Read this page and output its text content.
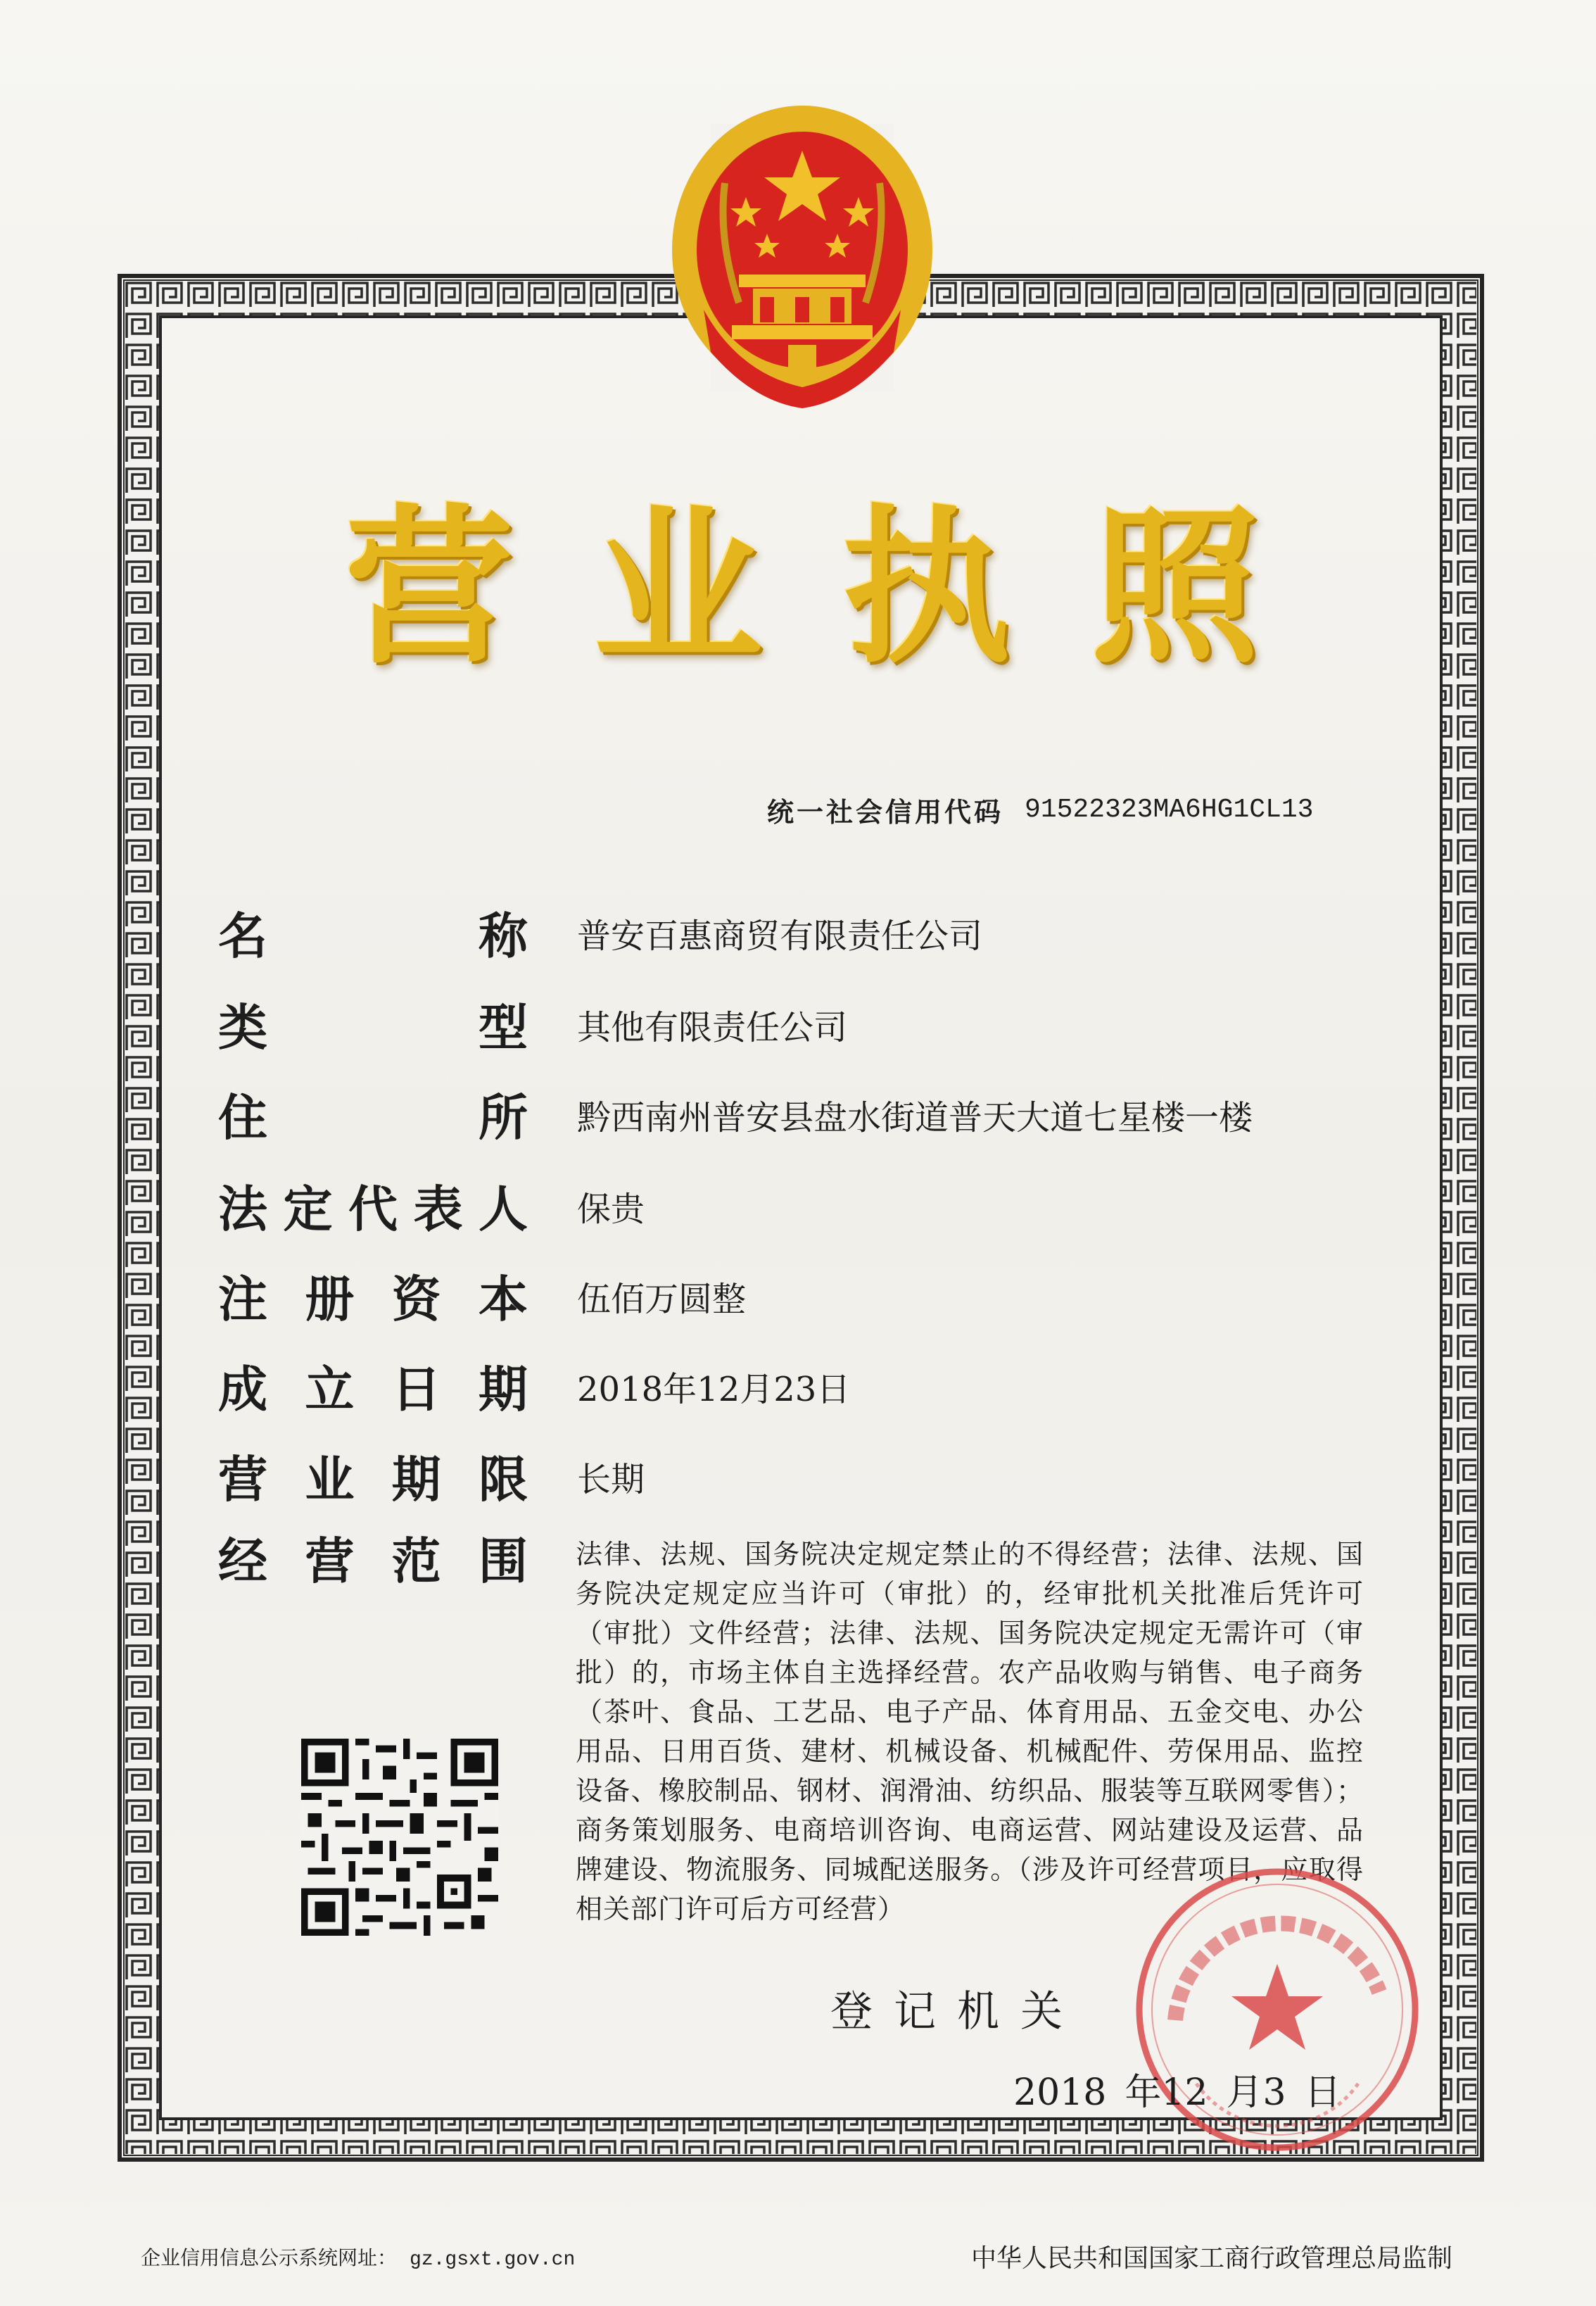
营 业 执 照
统一社会信用代码 91522323MA6HG1CL13
名	称 普安百惠商贸有限责任公司
类	型 其他有限责任公司
住	所 黔西南州普安县盘水街道普天大道七星楼一楼
法 定 代 表 人 保贵
注 册 资 本 伍佰万圆整
成 立 日 期 2018年12月23日
营 业 期 限 长期
经 营 范 围 法律、法规、国务院决定规定禁止的不得经营；法律、法规、国务院决定规定应当许可（审批）的，经审批机关批准后凭许可（审批）文件经营；法律、法规、国务院决定规定无需许可（审批）的，市场主体自主选择经营。农产品收购与销售、电子商务（茶叶、食品、工艺品、电子产品、体育用品、五金交电、办公用品、日用百货、建材、机械设备、机械配件、劳保用品、监控设备、橡胶制品、钢材、润滑油、纺织品、服装等互联网零售）；商务策划服务、电商培训咨询、电商运营、网站建设及运营、品牌建设、物流服务、同城配送服务。（涉及许可经营项目，应取得相关部门许可后方可经营）
登记机关
2018 年12 月3 日
企业信用信息公示系统网址： gz.gsxt.gov.cn	中华人民共和国国家工商行政管理总局监制
